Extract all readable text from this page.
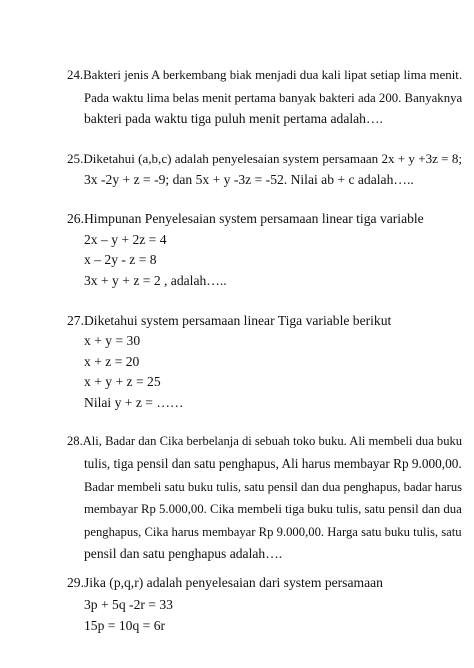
24.Bakteri jenis A berkembang biak menjadi dua kali lipat setiap lima menit.
Pada waktu lima belas menit pertama banyak bakteri ada 200. Banyaknya
bakteri pada waktu tiga puluh menit pertama adalah….
25.Diketahui (a,b,c) adalah penyelesaian system persamaan 2x + y +3z = 8;
3x -2y + z = -9; dan 5x + y -3z = -52. Nilai ab + c adalah…..
26.Himpunan Penyelesaian system persamaan linear tiga variable
2x – y + 2z = 4
x – 2y - z = 8
3x + y + z = 2 , adalah…..
27.Diketahui system persamaan linear Tiga variable berikut
x + y = 30
x + z = 20
x + y + z = 25
Nilai y + z = ……
28.Ali, Badar dan Cika berbelanja di sebuah toko buku. Ali membeli dua buku
tulis, tiga pensil dan satu penghapus, Ali harus membayar Rp 9.000,00.
Badar membeli satu buku tulis, satu pensil dan dua penghapus, badar harus
membayar Rp 5.000,00. Cika membeli tiga buku tulis, satu pensil dan dua
penghapus, Cika harus membayar Rp 9.000,00. Harga satu buku tulis, satu
pensil dan satu penghapus adalah….
29.Jika (p,q,r) adalah penyelesaian dari system persamaan
3p + 5q -2r = 33
15p = 10q = 6r
